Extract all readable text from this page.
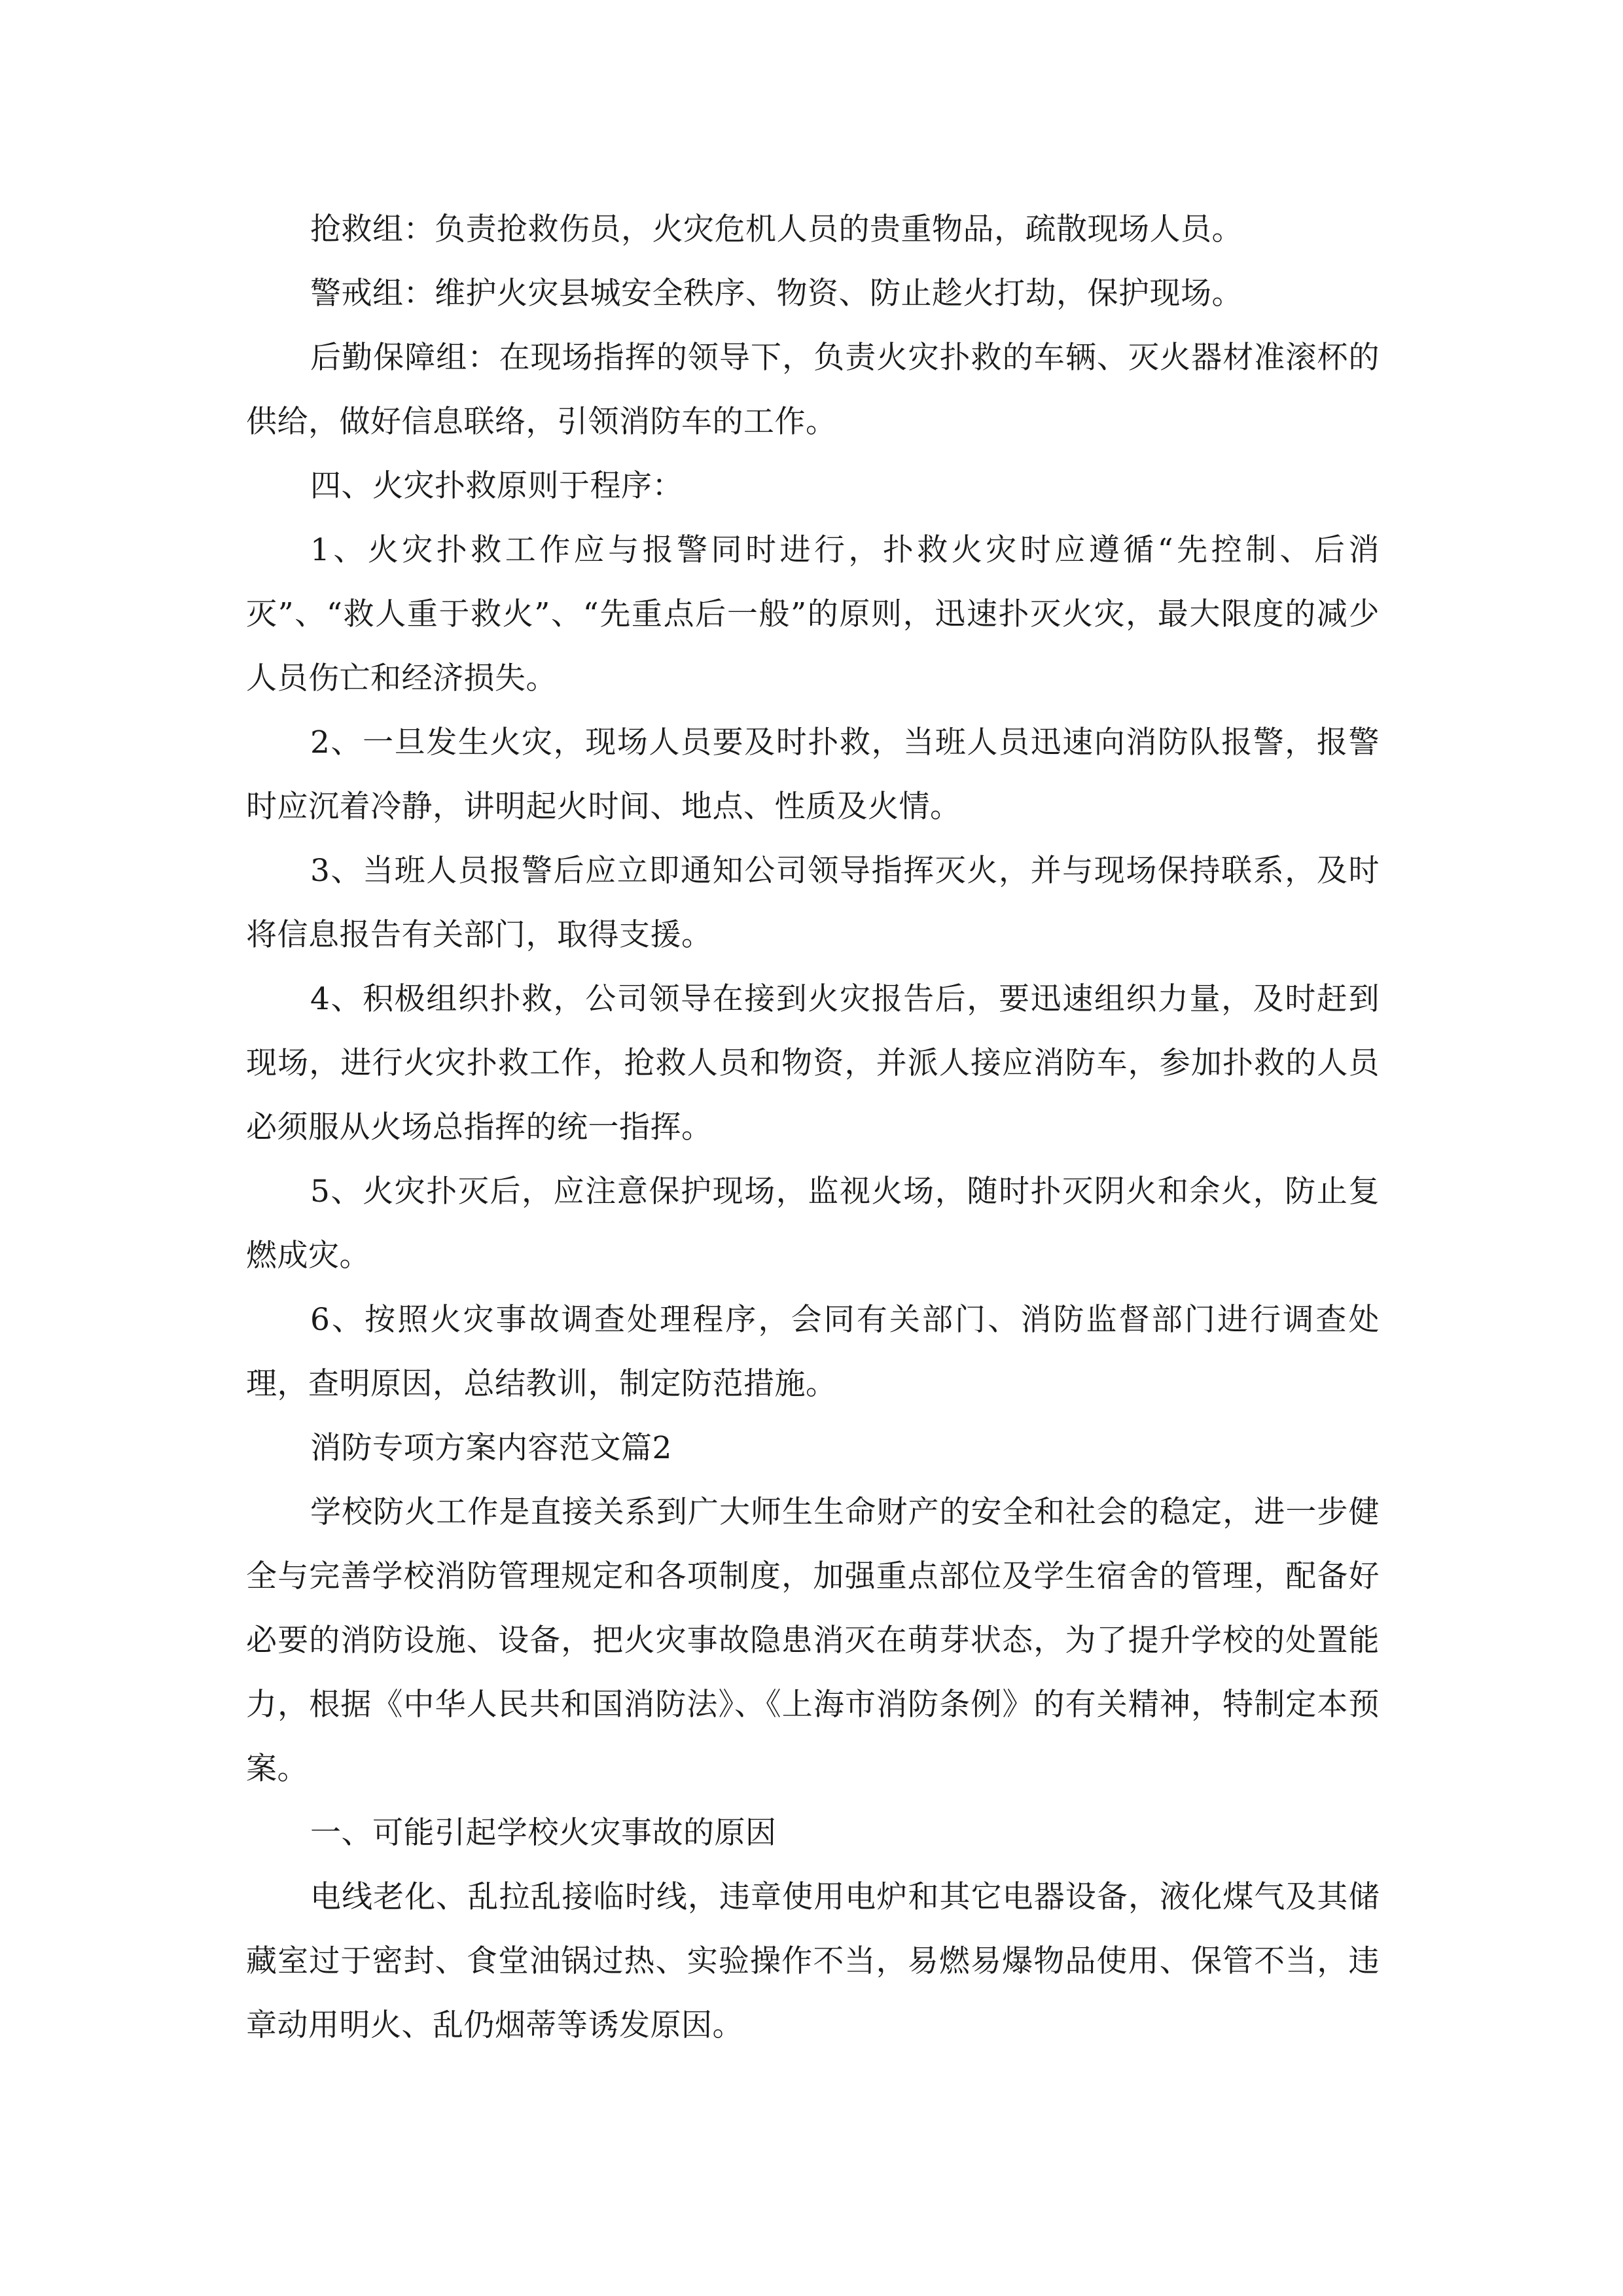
抢救组：负责抢救伤员，火灾危机人员的贵重物品，疏散现场人员。

警戒组：维护火灾县城安全秩序、物资、防止趁火打劫，保护现场。

后勤保障组：在现场指挥的领导下，负责火灾扑救的车辆、灭火器材准滚杯的供给，做好信息联络，引领消防车的工作。

四、火灾扑救原则于程序：

1、火灾扑救工作应与报警同时进行，扑救火灾时应遵循“先控制、后消灭”、“救人重于救火”、“先重点后一般”的原则，迅速扑灭火灾，最大限度的减少人员伤亡和经济损失。

2、一旦发生火灾，现场人员要及时扑救，当班人员迅速向消防队报警，报警时应沉着冷静，讲明起火时间、地点、性质及火情。

3、当班人员报警后应立即通知公司领导指挥灭火，并与现场保持联系，及时将信息报告有关部门，取得支援。

4、积极组织扑救，公司领导在接到火灾报告后，要迅速组织力量，及时赶到现场，进行火灾扑救工作，抢救人员和物资，并派人接应消防车，参加扑救的人员必须服从火场总指挥的统一指挥。

5、火灾扑灭后，应注意保护现场，监视火场，随时扑灭阴火和余火，防止复燃成灾。

6、按照火灾事故调查处理程序，会同有关部门、消防监督部门进行调查处理，查明原因，总结教训，制定防范措施。

消防专项方案内容范文篇2

学校防火工作是直接关系到广大师生生命财产的安全和社会的稳定，进一步健全与完善学校消防管理规定和各项制度，加强重点部位及学生宿舍的管理，配备好必要的消防设施、设备，把火灾事故隐患消灭在萌芽状态，为了提升学校的处置能力，根据《中华人民共和国消防法》、《上海市消防条例》的有关精神，特制定本预案。

一、可能引起学校火灾事故的原因

电线老化、乱拉乱接临时线，违章使用电炉和其它电器设备，液化煤气及其储藏室过于密封、食堂油锅过热、实验操作不当，易燃易爆物品使用、保管不当，违章动用明火、乱仍烟蒂等诱发原因。
